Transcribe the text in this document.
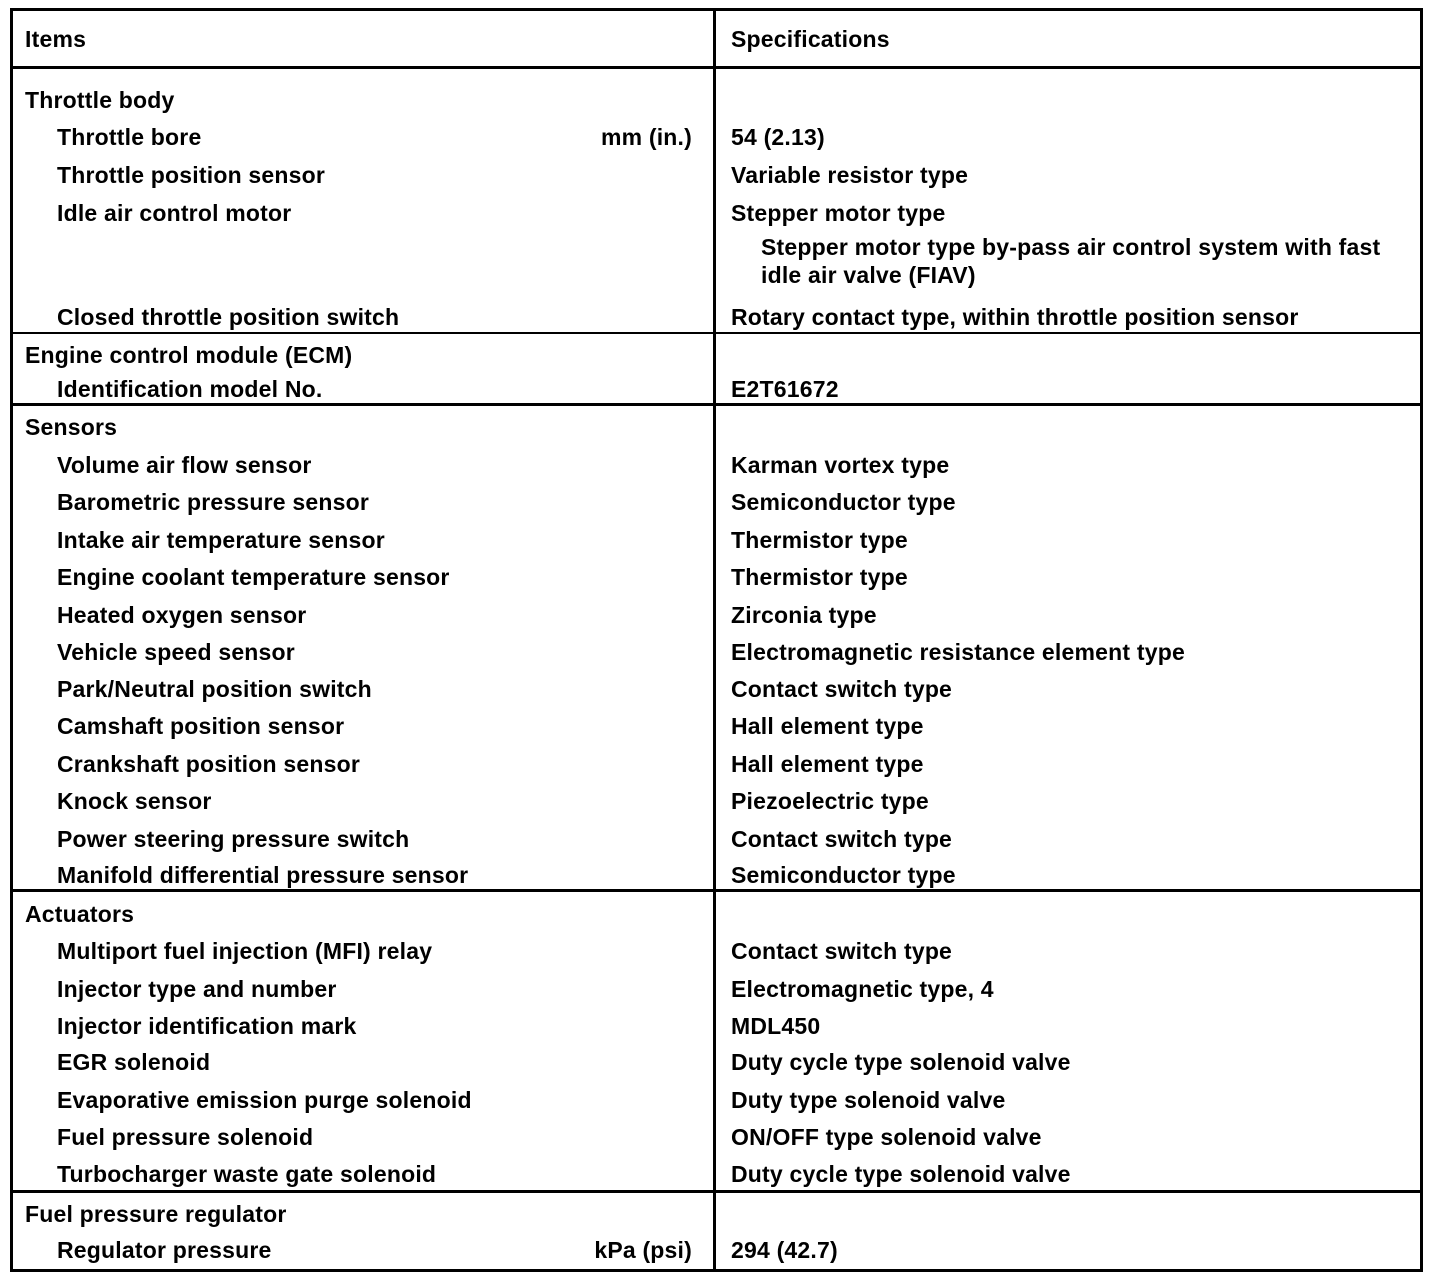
Items	Specifications
Throttle body
Throttle bore	mm (in.) 54 (2.13)
Throttle position sensor	Variable resistor type
Idle air control motor	Stepper motor type
Stepper motor type by-pass air control system with fast idle air valve (FIAV)
Closed throttle position switch	Rotary contact type, within throttle position sensor
Engine control module (ECM)
Identification model No.	E2T61672
Sensors
Volume air flow sensor	Karman vortex type
Barometric pressure sensor	Semiconductor type
Intake air temperature sensor	Thermistor type
Engine coolant temperature sensor	Thermistor type
Heated oxygen sensor	Zirconia type
Vehicle speed sensor	Electromagnetic resistance element type
Park/Neutral position switch	Contact switch type
Camshaft position sensor	Hall element type
Crankshaft position sensor	Hall element type
Knock sensor	Piezoelectric type
Power steering pressure switch	Contact switch type
Manifold differential pressure sensor	Semiconductor type
Actuators
Multiport fuel injection (MFI) relay	Contact switch type
Injector type and number	Electromagnetic type, 4
Injector identification mark	MDL450
EGR solenoid	Duty cycle type solenoid valve
Evaporative emission purge solenoid	Duty type solenoid valve
Fuel pressure solenoid	ON/OFF type solenoid valve
Turbocharger waste gate solenoid	Duty cycle type solenoid valve
Fuel pressure regulator
Regulator pressure	kPa (psi) 294 (42.7)
